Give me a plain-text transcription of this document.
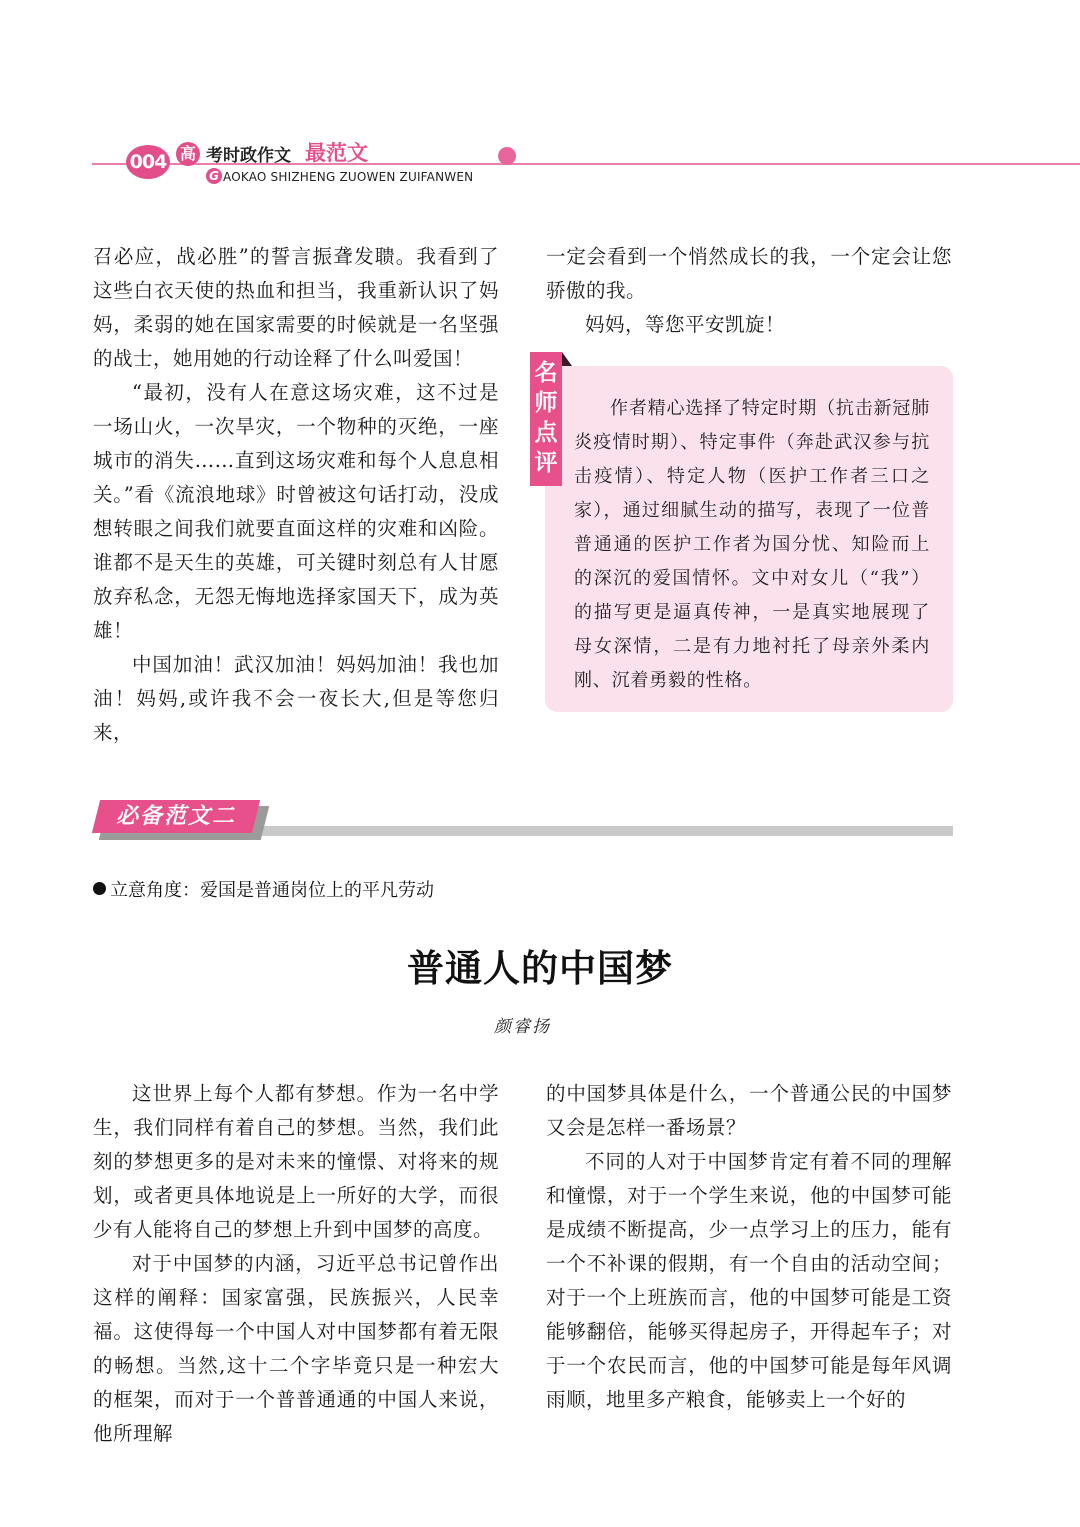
004 高 考时政作文 最范文
G AOKAO SHIZHENG ZUOWEN ZUIFANWEN

召必应，战必胜”的誓言振聋发聩。我看到了这些白衣天使的热血和担当，我重新认识了妈妈，柔弱的她在国家需要的时候就是一名坚强的战士，她用她的行动诠释了什么叫爱国！

“最初，没有人在意这场灾难，这不过是一场山火，一次旱灾，一个物种的灭绝，一座城市的消失……直到这场灾难和每个人息息相关。”看《流浪地球》时曾被这句话打动，没成想转眼之间我们就要直面这样的灾难和凶险。谁都不是天生的英雄，可关键时刻总有人甘愿放弃私念，无怨无悔地选择家国天下，成为英雄！

中国加油！武汉加油！妈妈加油！我也加油！妈妈,或许我不会一夜长大,但是等您归来，

一定会看到一个悄然成长的我，一个定会让您骄傲的我。

妈妈，等您平安凯旋！

名师点评

作者精心选择了特定时期（抗击新冠肺炎疫情时期）、特定事件（奔赴武汉参与抗击疫情）、特定人物（医护工作者三口之家），通过细腻生动的描写，表现了一位普普通通的医护工作者为国分忧、知险而上的深沉的爱国情怀。文中对女儿（“我”）的描写更是逼真传神，一是真实地展现了母女深情，二是有力地衬托了母亲外柔内刚、沉着勇毅的性格。

必备范文二
立意角度：爱国是普通岗位上的平凡劳动
普通人的中国梦
颜睿扬

这世界上每个人都有梦想。作为一名中学生，我们同样有着自己的梦想。当然，我们此刻的梦想更多的是对未来的憧憬、对将来的规划，或者更具体地说是上一所好的大学，而很少有人能将自己的梦想上升到中国梦的高度。

对于中国梦的内涵，习近平总书记曾作出这样的阐释：国家富强，民族振兴，人民幸福。这使得每一个中国人对中国梦都有着无限的畅想。当然,这十二个字毕竟只是一种宏大的框架，而对于一个普普通通的中国人来说，他所理解

的中国梦具体是什么，一个普通公民的中国梦又会是怎样一番场景？

不同的人对于中国梦肯定有着不同的理解和憧憬，对于一个学生来说，他的中国梦可能是成绩不断提高，少一点学习上的压力，能有一个不补课的假期，有一个自由的活动空间；对于一个上班族而言，他的中国梦可能是工资能够翻倍，能够买得起房子，开得起车子；对于一个农民而言，他的中国梦可能是每年风调雨顺，地里多产粮食，能够卖上一个好的
